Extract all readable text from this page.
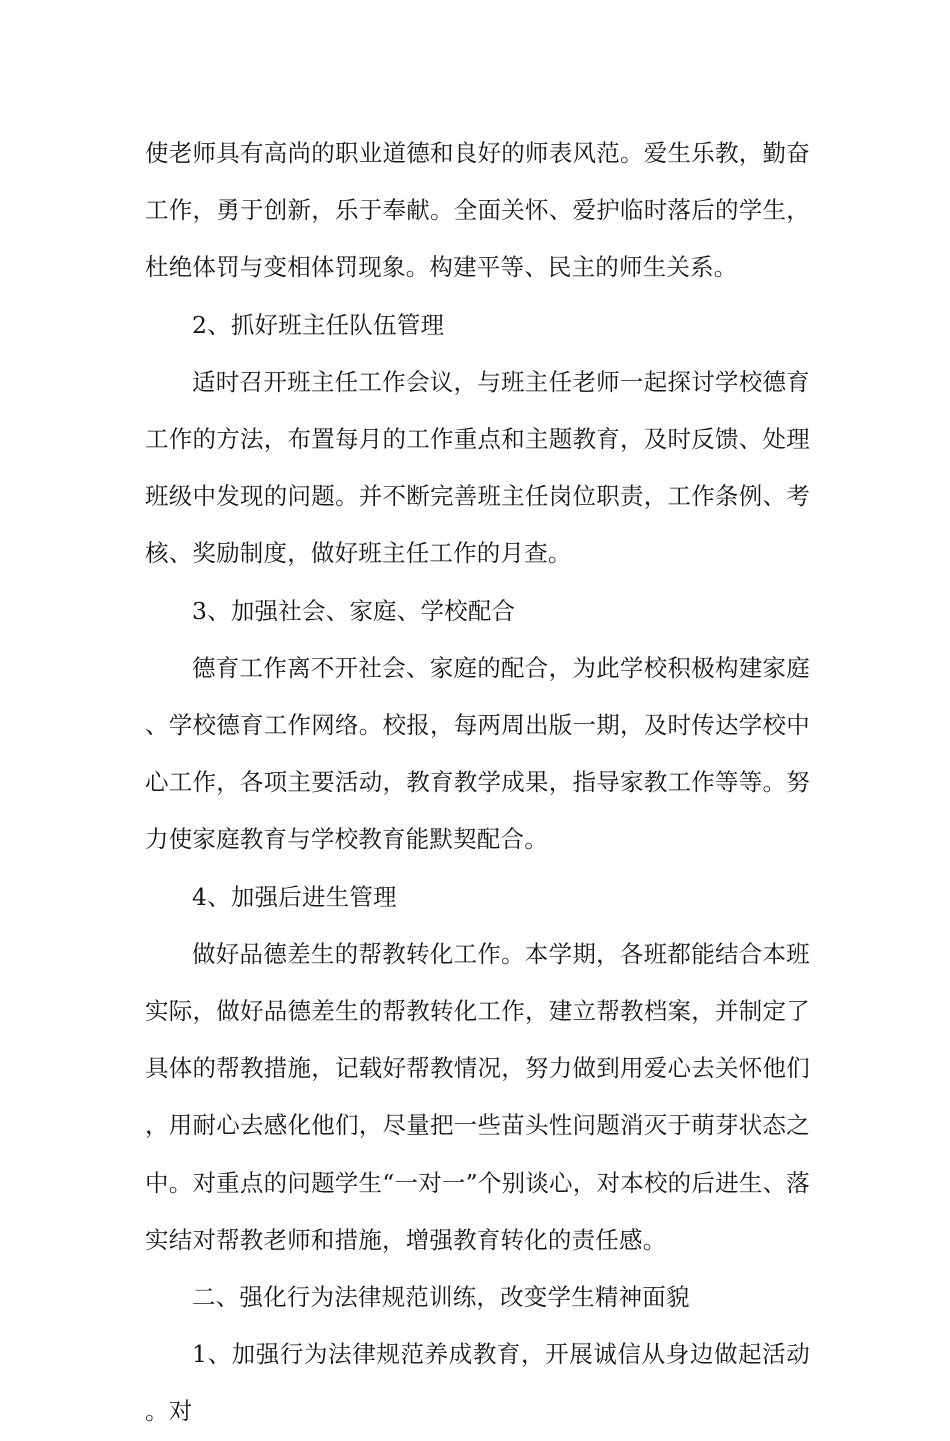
使老师具有高尚的职业道德和良好的师表风范。爱生乐教，勤奋工作，勇于创新，乐于奉献。全面关怀、爱护临时落后的学生，杜绝体罚与变相体罚现象。构建平等、民主的师生关系。

2、抓好班主任队伍管理

适时召开班主任工作会议，与班主任老师一起探讨学校德育工作的方法，布置每月的工作重点和主题教育，及时反馈、处理班级中发现的问题。并不断完善班主任岗位职责，工作条例、考核、奖励制度，做好班主任工作的月查。

3、加强社会、家庭、学校配合

德育工作离不开社会、家庭的配合，为此学校积极构建家庭、学校德育工作网络。校报，每两周出版一期，及时传达学校中心工作，各项主要活动，教育教学成果，指导家教工作等等。努力使家庭教育与学校教育能默契配合。

4、加强后进生管理

做好品德差生的帮教转化工作。本学期，各班都能结合本班实际，做好品德差生的帮教转化工作，建立帮教档案，并制定了具体的帮教措施，记载好帮教情况，努力做到用爱心去关怀他们，用耐心去感化他们，尽量把一些苗头性问题消灭于萌芽状态之中。对重点的问题学生“一对一”个别谈心，对本校的后进生、落实结对帮教老师和措施，增强教育转化的责任感。

二、强化行为法律规范训练，改变学生精神面貌

1、加强行为法律规范养成教育，开展诚信从身边做起活动。对
